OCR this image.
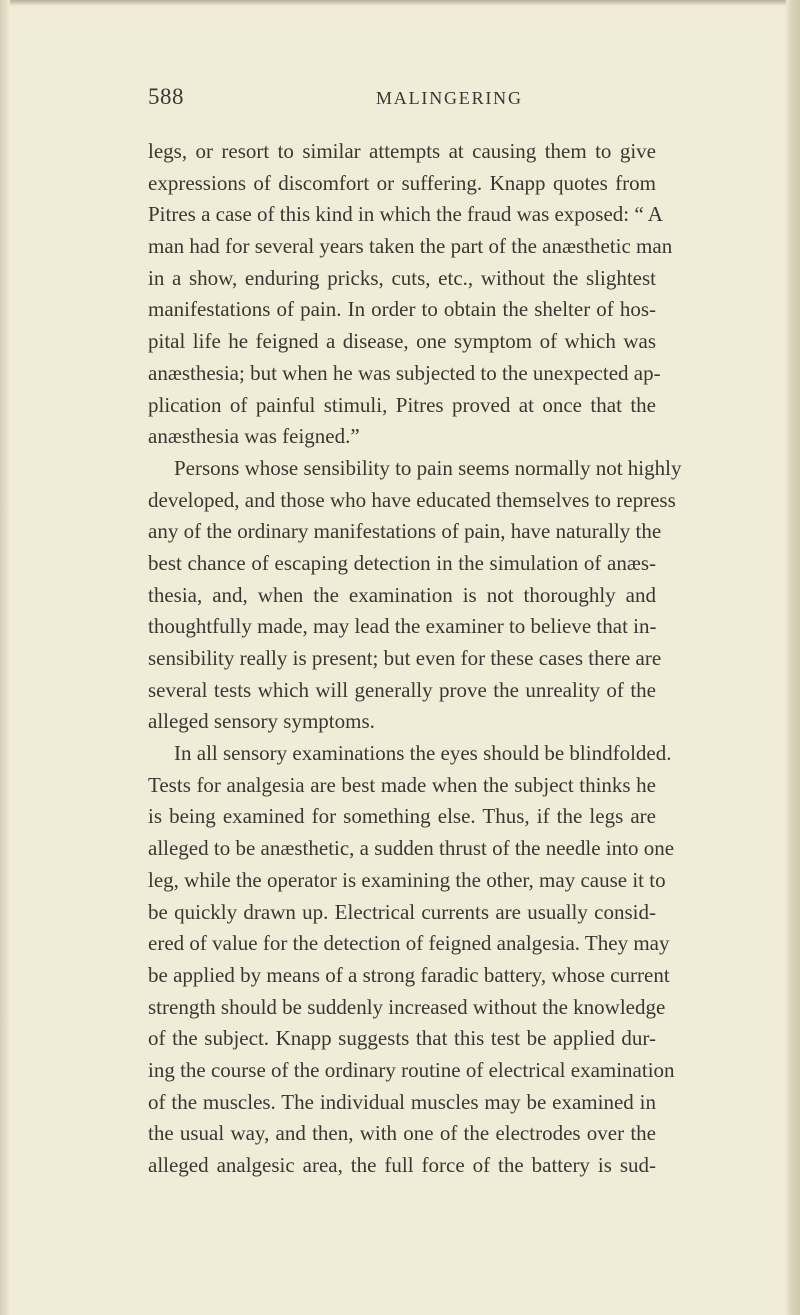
588	MALINGERING
legs, or resort to similar attempts at causing them to give
expressions of discomfort or suffering. Knapp quotes from
Pitres a case of this kind in which the fraud was exposed: “ A
man had for several years taken the part of the anæsthetic man
in a show, enduring pricks, cuts, etc., without the slightest
manifestations of pain. In order to obtain the shelter of hos-
pital life he feigned a disease, one symptom of which was
anæsthesia; but when he was subjected to the unexpected ap-
plication of painful stimuli, Pitres proved at once that the
anæsthesia was feigned.”
Persons whose sensibility to pain seems normally not highly
developed, and those who have educated themselves to repress
any of the ordinary manifestations of pain, have naturally the
best chance of escaping detection in the simulation of anæs-
thesia, and, when the examination is not thoroughly and
thoughtfully made, may lead the examiner to believe that in-
sensibility really is present; but even for these cases there are
several tests which will generally prove the unreality of the
alleged sensory symptoms.
In all sensory examinations the eyes should be blindfolded.
Tests for analgesia are best made when the subject thinks he
is being examined for something else. Thus, if the legs are
alleged to be anæsthetic, a sudden thrust of the needle into one
leg, while the operator is examining the other, may cause it to
be quickly drawn up. Electrical currents are usually consid-
ered of value for the detection of feigned analgesia. They may
be applied by means of a strong faradic battery, whose current
strength should be suddenly increased without the knowledge
of the subject. Knapp suggests that this test be applied dur-
ing the course of the ordinary routine of electrical examination
of the muscles. The individual muscles may be examined in
the usual way, and then, with one of the electrodes over the
alleged analgesic area, the full force of the battery is sud-
